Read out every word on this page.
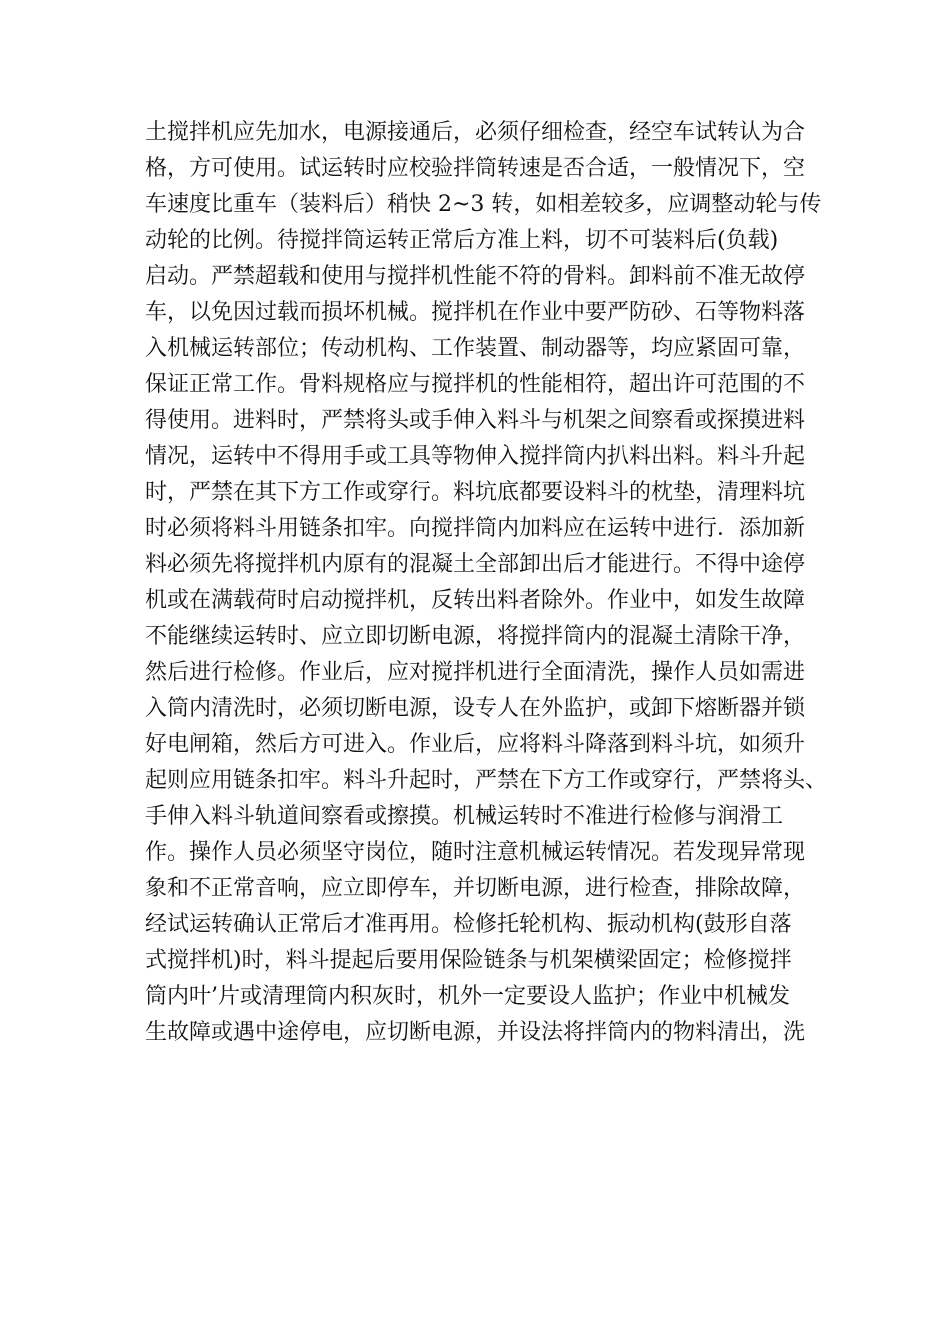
土搅拌机应先加水，电源接通后，必须仔细检查，经空车试转认为合
格，方可使用。试运转时应校验拌筒转速是否合适，一般情况下，空
车速度比重车（装料后）稍快 2~3 转，如相差较多，应调整动轮与传
动轮的比例。待搅拌筒运转正常后方准上料，切不可装料后(负载)
启动。严禁超载和使用与搅拌机性能不符的骨料。卸料前不准无故停
车，以免因过载而损坏机械。搅拌机在作业中要严防砂、石等物料落
入机械运转部位；传动机构、工作装置、制动器等，均应紧固可靠，
保证正常工作。骨料规格应与搅拌机的性能相符，超出许可范围的不
得使用。进料时，严禁将头或手伸入料斗与机架之间察看或探摸进料
情况，运转中不得用手或工具等物伸入搅拌筒内扒料出料。料斗升起
时，严禁在其下方工作或穿行。料坑底都要设料斗的枕垫，清理料坑
时必须将料斗用链条扣牢。向搅拌筒内加料应在运转中进行．添加新
料必须先将搅拌机内原有的混凝土全部卸出后才能进行。不得中途停
机或在满载荷时启动搅拌机，反转出料者除外。作业中，如发生故障
不能继续运转时、应立即切断电源，将搅拌筒内的混凝土清除干净，
然后进行检修。作业后，应对搅拌机进行全面清洗，操作人员如需进
入筒内清洗时，必须切断电源，设专人在外监护，或卸下熔断器并锁
好电闸箱，然后方可进入。作业后，应将料斗降落到料斗坑，如须升
起则应用链条扣牢。料斗升起时，严禁在下方工作或穿行，严禁将头、
手伸入料斗轨道间察看或擦摸。机械运转时不准进行检修与润滑工
作。操作人员必须坚守岗位，随时注意机械运转情况。若发现异常现
象和不正常音响，应立即停车，并切断电源，进行检查，排除故障，
经试运转确认正常后才准再用。检修托轮机构、振动机构(鼓形自落
式搅拌机)时，料斗提起后要用保险链条与机架横梁固定；检修搅拌
筒内叶’片或清理筒内积灰时，机外一定要设人监护；作业中机械发
生故障或遇中途停电，应切断电源，并设法将拌筒内的物料清出，洗
